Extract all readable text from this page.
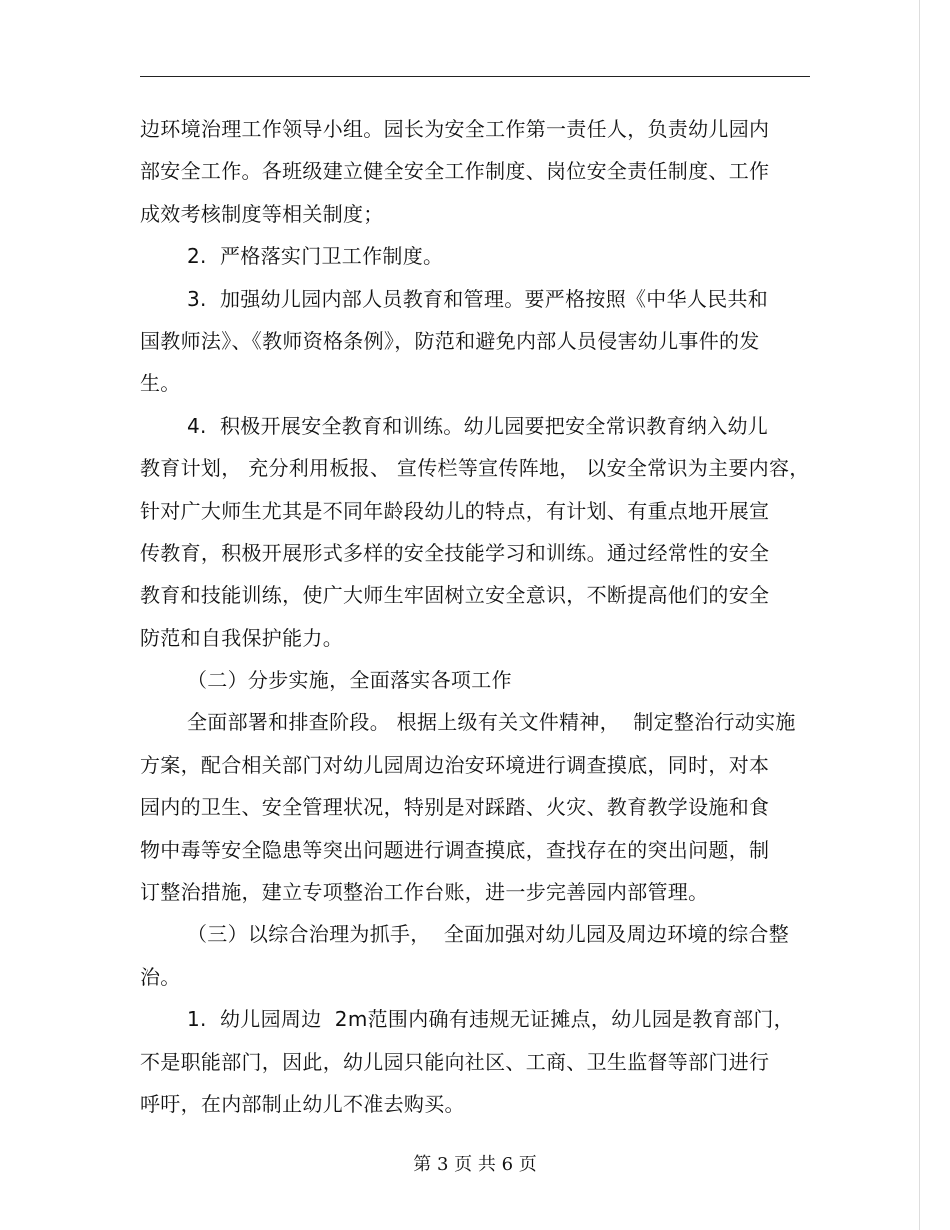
边环境治理工作领导小组。园长为安全工作第一责任人，负责幼儿园内
部安全工作。各班级建立健全安全工作制度、岗位安全责任制度、工作
成效考核制度等相关制度；
2.  严格落实门卫工作制度。
3.  加强幼儿园内部人员教育和管理。要严格按照《中华人民共和
国教师法》、《教师资格条例》，防范和避免内部人员侵害幼儿事件的发
生。
4.  积极开展安全教育和训练。幼儿园要把安全常识教育纳入幼儿
教育计划， 充分利用板报、 宣传栏等宣传阵地， 以安全常识为主要内容，
针对广大师生尤其是不同年龄段幼儿的特点，有计划、有重点地开展宣
传教育，积极开展形式多样的安全技能学习和训练。通过经常性的安全
教育和技能训练，使广大师生牢固树立安全意识，不断提高他们的安全
防范和自我保护能力。
（二）分步实施，全面落实各项工作
全面部署和排查阶段。 根据上级有关文件精神，  制定整治行动实施
方案，配合相关部门对幼儿园周边治安环境进行调查摸底，同时，对本
园内的卫生、安全管理状况，特别是对踩踏、火灾、教育教学设施和食
物中毒等安全隐患等突出问题进行调查摸底，查找存在的突出问题，制
订整治措施，建立专项整治工作台账，进一步完善园内部管理。
（三）以综合治理为抓手，  全面加强对幼儿园及周边环境的综合整
治。
1.  幼儿园周边  2m范围内确有违规无证摊点，幼儿园是教育部门，
不是职能部门，因此，幼儿园只能向社区、工商、卫生监督等部门进行
呼吁，在内部制止幼儿不准去购买。
第 3 页 共 6 页
